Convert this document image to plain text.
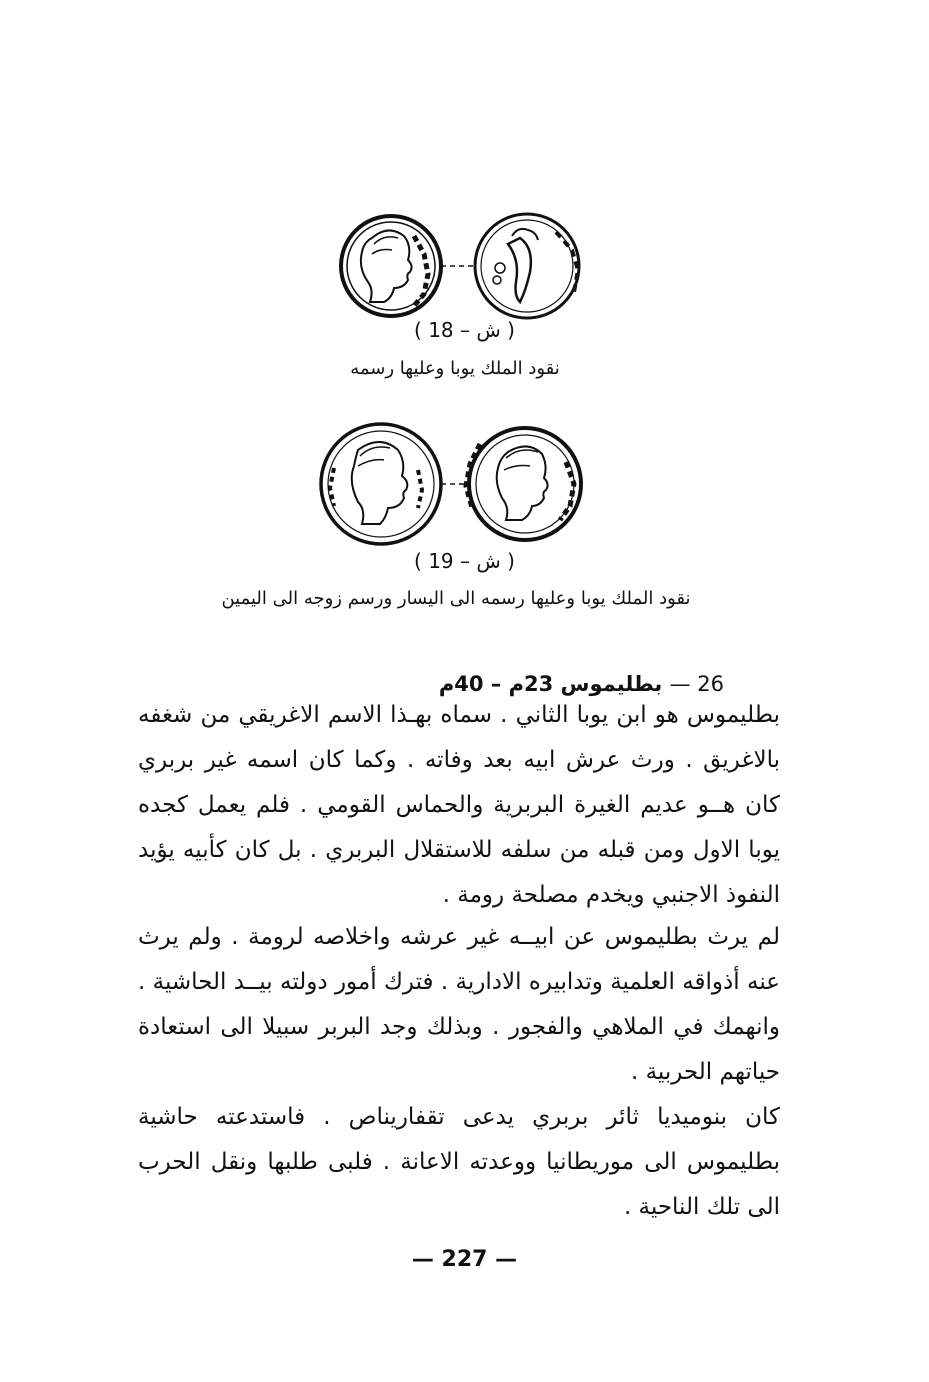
( ش – 18 )
نقود الملك يوبا وعليها رسمه
( ش – 19 )
نقود الملك يوبا وعليها رسمه الى اليسار ورسم زوجه الى اليمين
26 — بطليموس 23م – 40م

بطليموس هو ابن يوبا الثاني . سماه بهـذا الاسم الاغريقي من شغفه بالاغريق . ورث عرش ابيه بعد وفاته . وكما كان اسمه غير بربري كان هــو عديم الغيرة البربرية والحماس القومي . فلم يعمل كجده يوبا الاول ومن قبله من سلفه للاستقلال البربري . بل كان كأبيه يؤيد النفوذ الاجنبي ويخدم مصلحة رومة .

لم يرث بطليموس عن ابيــه غير عرشه واخلاصه لرومة . ولم يرث عنه أذواقه العلمية وتدابيره الادارية . فترك أمور دولته بيــد الحاشية . وانهمك في الملاهي والفجور . وبذلك وجد البربر سبيلا الى استعادة حياتهم الحربية .

كان بنوميديا ثائر بربري يدعى تقفاريناص . فاستدعته حاشية بطليموس الى موريطانيا ووعدته الاعانة . فلبى طلبها ونقل الحرب الى تلك الناحية .

— 227 —
